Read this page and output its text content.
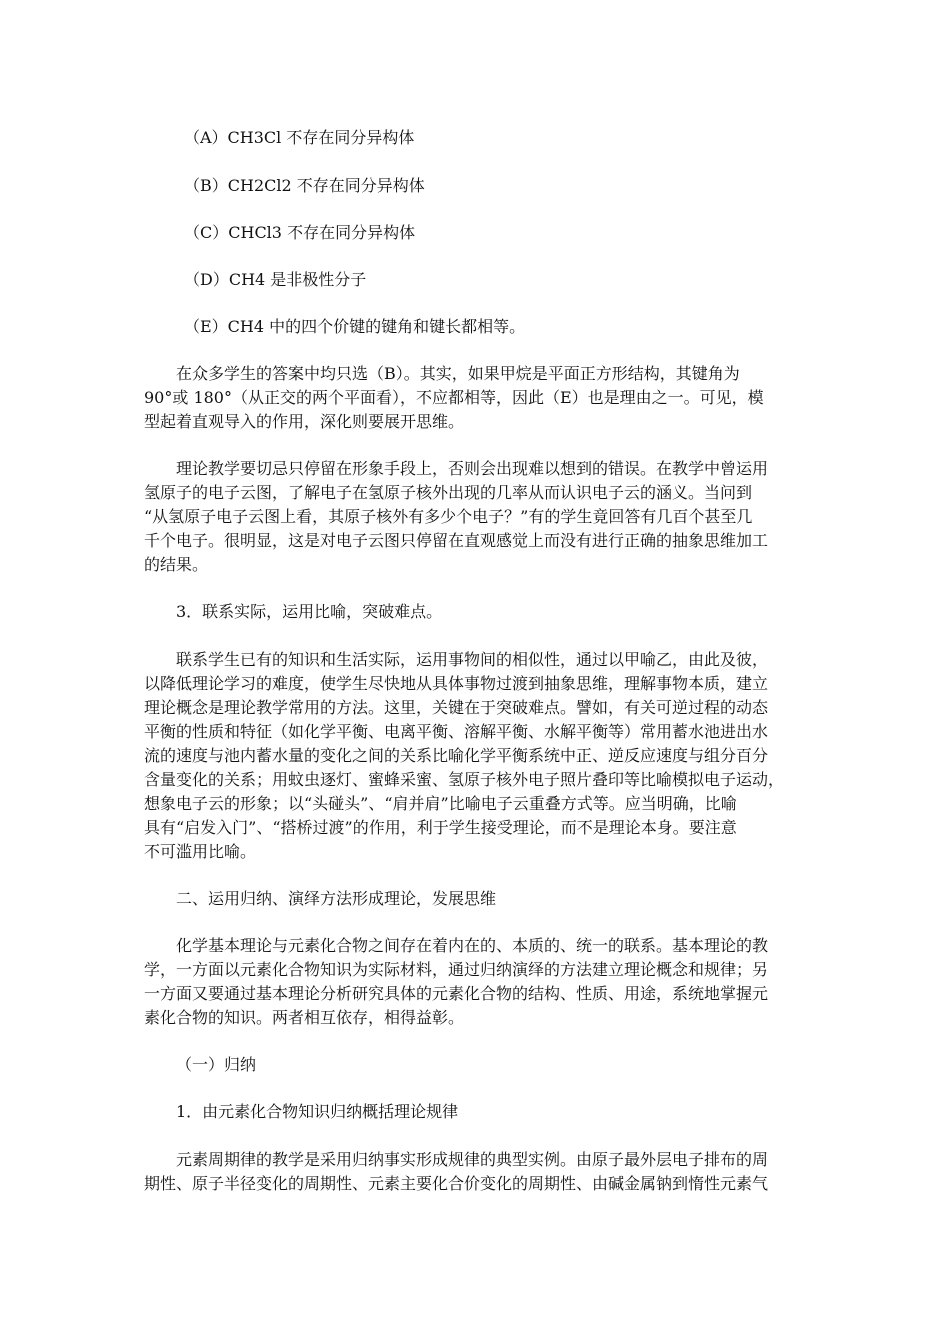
（A）CH3Cl 不存在同分异构体
（B）CH2Cl2 不存在同分异构体
（C）CHCl3 不存在同分异构体
（D）CH4 是非极性分子
（E）CH4 中的四个价键的键角和键长都相等。
在众多学生的答案中均只选（B）。其实，如果甲烷是平面正方形结构，其键角为
90°或 180°（从正交的两个平面看），不应都相等，因此（E）也是理由之一。可见，模
型起着直观导入的作用，深化则要展开思维。
理论教学要切忌只停留在形象手段上，否则会出现难以想到的错误。在教学中曾运用
氢原子的电子云图，了解电子在氢原子核外出现的几率从而认识电子云的涵义。当问到
“从氢原子电子云图上看，其原子核外有多少个电子？”有的学生竟回答有几百个甚至几
千个电子。很明显，这是对电子云图只停留在直观感觉上而没有进行正确的抽象思维加工
的结果。
3．联系实际，运用比喻，突破难点。
联系学生已有的知识和生活实际，运用事物间的相似性，通过以甲喻乙，由此及彼，
以降低理论学习的难度，使学生尽快地从具体事物过渡到抽象思维，理解事物本质，建立
理论概念是理论教学常用的方法。这里，关键在于突破难点。譬如，有关可逆过程的动态
平衡的性质和特征（如化学平衡、电离平衡、溶解平衡、水解平衡等）常用蓄水池进出水
流的速度与池内蓄水量的变化之间的关系比喻化学平衡系统中正、逆反应速度与组分百分
含量变化的关系；用蚊虫逐灯、蜜蜂采蜜、氢原子核外电子照片叠印等比喻模拟电子运动，
想象电子云的形象；以“头碰头”、“肩并肩”比喻电子云重叠方式等。应当明确，比喻
具有“启发入门”、“搭桥过渡”的作用，利于学生接受理论，而不是理论本身。要注意
不可滥用比喻。
二、运用归纳、演绎方法形成理论，发展思维
化学基本理论与元素化合物之间存在着内在的、本质的、统一的联系。基本理论的教
学，一方面以元素化合物知识为实际材料，通过归纳演绎的方法建立理论概念和规律；另
一方面又要通过基本理论分析研究具体的元素化合物的结构、性质、用途，系统地掌握元
素化合物的知识。两者相互依存，相得益彰。
（一）归纳
1．由元素化合物知识归纳概括理论规律
元素周期律的教学是采用归纳事实形成规律的典型实例。由原子最外层电子排布的周
期性、原子半径变化的周期性、元素主要化合价变化的周期性、由碱金属钠到惰性元素气
